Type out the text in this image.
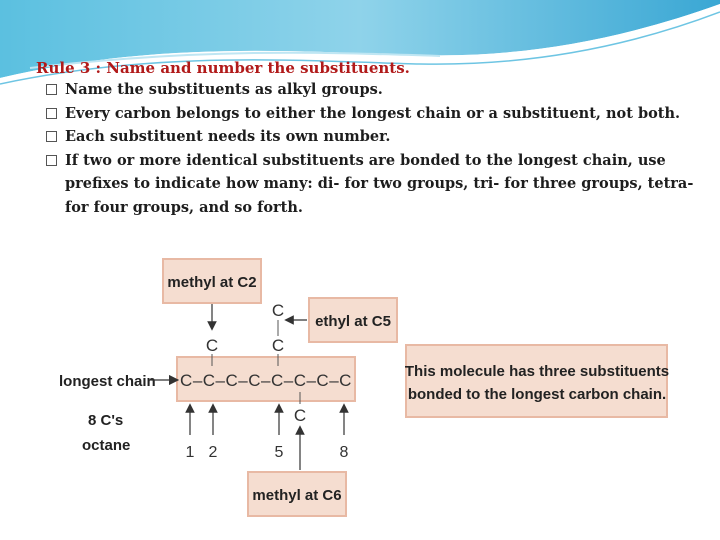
Rule 3 : Name and number the substituents.
Name the substituents as alkyl groups.
Every carbon belongs to either the longest chain or a substituent, not both.
Each substituent needs its own number.
If two or more identical substituents are bonded to the longest chain, use prefixes to indicate how many: di- for two groups, tri- for three groups, tetra- for four groups, and so forth.
methyl at C2
ethyl at C5
This molecule has three substituents
bonded to the longest carbon chain.
methyl at C6
C–C–C–C–C–C–C–C
longest chain
8 C's
octane
C
C
C
C
1 2	5	8
